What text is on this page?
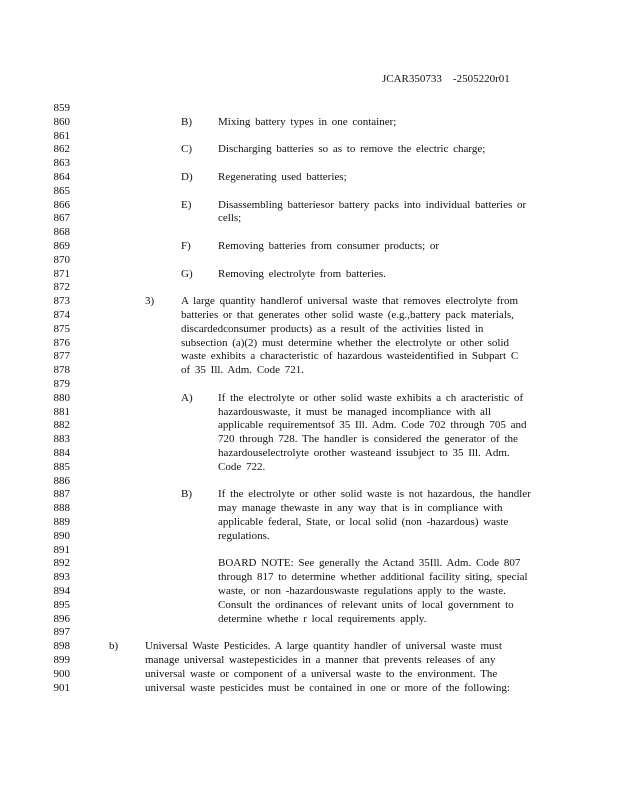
JCAR350733 -2505220r01
859
860
861
862
863
864
865
866
867
868
869
870
871
872
873
874
875
876
877
878
879
880
881
882
883
884
885
886
887
888
889
890
891
892
893
894
895
896
897
898
899
900
901
B) Mixing battery types in one container;
C) Discharging batteries so as to remove the electric charge;
D) Regenerating used batteries;
E) Disassembling batteriesor battery packs into individual batteries or
cells;
F) Removing batteries from consumer products; or
G) Removing electrolyte from batteries.
3) A large quantity handlerof universal waste that removes electrolyte from
batteries or that generates other solid waste (e.g.,battery pack materials,
discardedconsumer products) as a result of the activities listed in
subsection (a)(2) must determine whether the electrolyte or other solid
waste exhibits a characteristic of hazardous wasteidentified in Subpart C
of 35 Ill. Adm. Code 721.
A) If the electrolyte or other solid waste exhibits a ch aracteristic of
hazardouswaste, it must be managed incompliance with all
applicable requirementsof 35 Ill. Adm. Code 702 through 705 and
720 through 728. The handler is considered the generator of the
hazardouselectrolyte orother wasteand issubject to 35 Ill. Adm.
Code 722.
B) If the electrolyte or other solid waste is not hazardous, the handler
may manage thewaste in any way that is in compliance with
applicable federal, State, or local solid (non -hazardous) waste
regulations.
BOARD NOTE: See generally the Actand 35Ill. Adm. Code 807
through 817 to determine whether additional facility siting, special
waste, or non -hazardouswaste regulations apply to the waste.
Consult the ordinances of relevant units of local government to
determine whethe r local requirements apply.
b) Universal Waste Pesticides. A large quantity handler of universal waste must
manage universal wastepesticides in a manner that prevents releases of any
universal waste or component of a universal waste to the environment. The
universal waste pesticides must be contained in one or more of the following:
